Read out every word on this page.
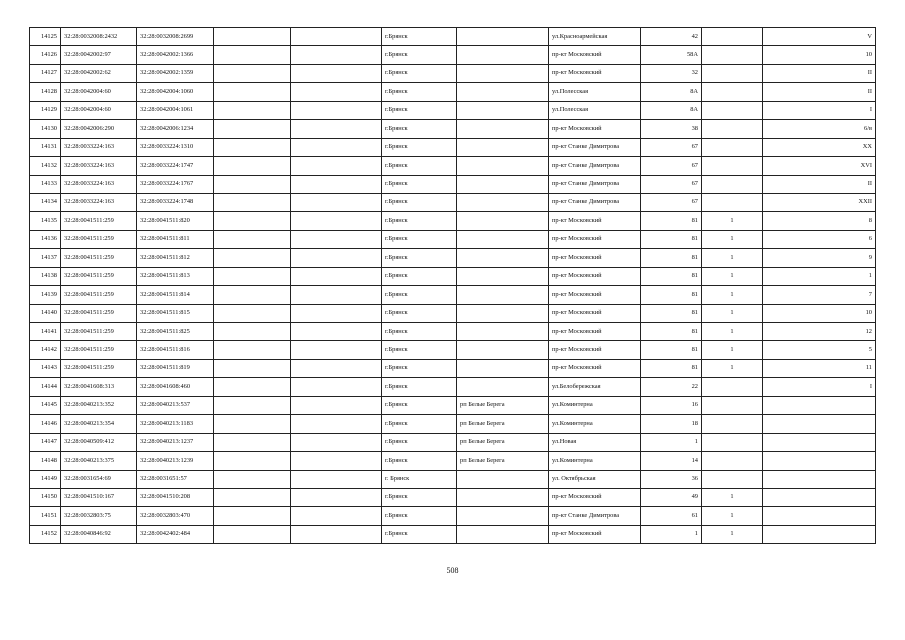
14125	32:28:0032008:2432	32:28:0032008:2699			г.Брянск		ул.Красноармейская	42		V
14126	32:28:0042002:97	32:28:0042002:1366			г.Брянск		пр-кт Московский	58А		10
14127	32:28:0042002:62	32:28:0042002:1359			г.Брянск		пр-кт Московский	32		II
14128	32:28:0042004:60	32:28:0042004:1060			г.Брянск		ул.Полесская	8А		II
14129	32:28:0042004:60	32:28:0042004:1061			г.Брянск		ул.Полесская	8А		I
14130	32:28:0042006:290	32:28:0042006:1234			г.Брянск		пр-кт Московский	38		6/в
14131	32:28:0033224:163	32:28:0033224:1310			г.Брянск		пр-кт Станке Димитрова	67		XX
14132	32:28:0033224:163	32:28:0033224:1747			г.Брянск		пр-кт Станке Димитрова	67		XVI
14133	32:28:0033224:163	32:28:0033224:1767			г.Брянск		пр-кт Станке Димитрова	67		II
14134	32:28:0033224:163	32:28:0033224:1748			г.Брянск		пр-кт Станке Димитрова	67		XXII
14135	32:28:0041511:259	32:28:0041511:820			г.Брянск		пр-кт Московский	81	1	8
14136	32:28:0041511:259	32:28:0041511:811			г.Брянск		пр-кт Московский	81	1	6
14137	32:28:0041511:259	32:28:0041511:812			г.Брянск		пр-кт Московский	81	1	9
14138	32:28:0041511:259	32:28:0041511:813			г.Брянск		пр-кт Московский	81	1	1
14139	32:28:0041511:259	32:28:0041511:814			г.Брянск		пр-кт Московский	81	1	7
14140	32:28:0041511:259	32:28:0041511:815			г.Брянск		пр-кт Московский	81	1	10
14141	32:28:0041511:259	32:28:0041511:825			г.Брянск		пр-кт Московский	81	1	12
14142	32:28:0041511:259	32:28:0041511:816			г.Брянск		пр-кт Московский	81	1	5
14143	32:28:0041511:259	32:28:0041511:819			г.Брянск		пр-кт Московский	81	1	11
14144	32:28:0041608:313	32:28:0041608:460			г.Брянск		ул.Белобережская	22		I
14145	32:28:0040213:352	32:28:0040213:537			г.Брянск	рп Белые Берега	ул.Коминтерна	16		
14146	32:28:0040213:354	32:28:0040213:1183			г.Брянск	рп Белые Берега	ул.Коминтерна	18		
14147	32:28:0040509:412	32:28:0040213:1237			г.Брянск	рп Белые Берега	ул.Новая	1		
14148	32:28:0040213:375	32:28:0040213:1239			г.Брянск	рп Белые Берега	ул.Коминтерна	14		
14149	32:28:0031654:69	32:28:0031651:57			г. Брянск		ул. Октябрьская	36		
14150	32:28:0041510:167	32:28:0041510:208			г.Брянск		пр-кт Московский	49	1	
14151	32:28:0032803:75	32:28:0032803:470			г.Брянск		пр-кт Станке Димитрова	61	1	
14152	32:28:0040846:92	32:28:0042402:484			г.Брянск		пр-кт Московский	1	1	
508
